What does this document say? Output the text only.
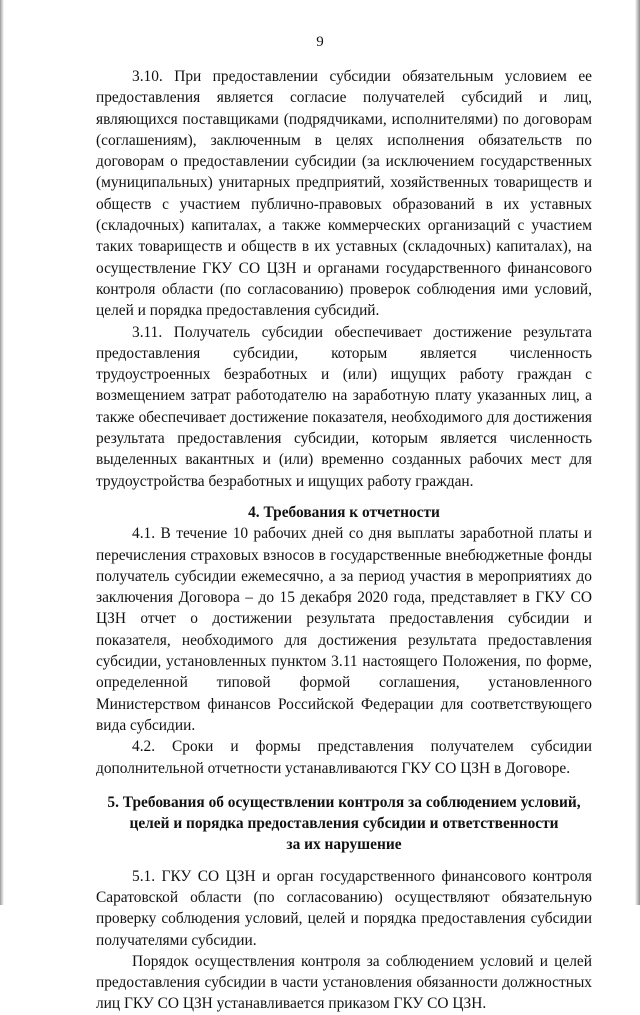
9

3.10. При предоставлении субсидии обязательным условием ее предоставления является согласие получателей субсидий и лиц, являющихся поставщиками (подрядчиками, исполнителями) по договорам (соглашениям), заключенным в целях исполнения обязательств по договорам о предоставлении субсидии (за исключением государственных (муниципальных) унитарных предприятий, хозяйственных товариществ и обществ с участием публично-правовых образований в их уставных (складочных) капиталах, а также коммерческих организаций с участием таких товариществ и обществ в их уставных (складочных) капиталах), на осуществление ГКУ СО ЦЗН и органами государственного финансового контроля области (по согласованию) проверок соблюдения ими условий, целей и порядка предоставления субсидий.

3.11. Получатель субсидии обеспечивает достижение результата предоставления субсидии, которым является численность трудоустроенных безработных и (или) ищущих работу граждан с возмещением затрат работодателю на заработную плату указанных лиц, а также обеспечивает достижение показателя, необходимого для достижения результата предоставления субсидии, которым является численность выделенных вакантных и (или) временно созданных рабочих мест для трудоустройства безработных и ищущих работу граждан.

4. Требования к отчетности

4.1. В течение 10 рабочих дней со дня выплаты заработной платы и перечисления страховых взносов в государственные внебюджетные фонды получатель субсидии ежемесячно, а за период участия в мероприятиях до заключения Договора – до 15 декабря 2020 года, представляет в ГКУ СО ЦЗН отчет о достижении результата предоставления субсидии и показателя, необходимого для достижения результата предоставления субсидии, установленных пунктом 3.11 настоящего Положения, по форме, определенной типовой формой соглашения, установленного Министерством финансов Российской Федерации для соответствующего вида субсидии.

4.2. Сроки и формы представления получателем субсидии дополнительной отчетности устанавливаются ГКУ СО ЦЗН в Договоре.

5. Требования об осуществлении контроля за соблюдением условий,
целей и порядка предоставления субсидии и ответственности
за их нарушение

5.1. ГКУ СО ЦЗН и орган государственного финансового контроля Саратовской области (по согласованию) осуществляют обязательную проверку соблюдения условий, целей и порядка предоставления субсидии получателями субсидии.

Порядок осуществления контроля за соблюдением условий и целей предоставления субсидии в части установления обязанности должностных лиц ГКУ СО ЦЗН устанавливается приказом ГКУ СО ЦЗН.
